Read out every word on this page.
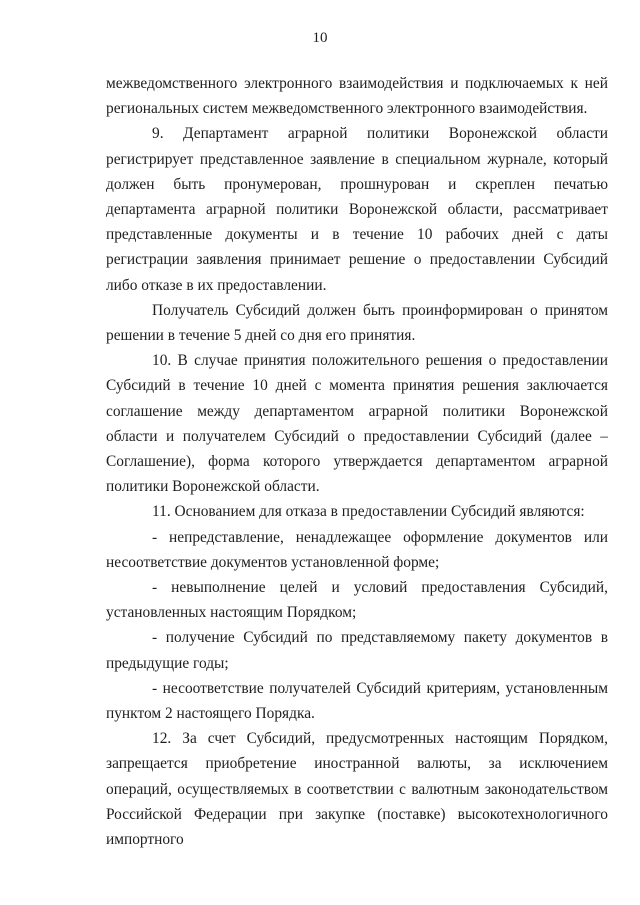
10

межведомственного электронного взаимодействия и подключаемых к ней региональных систем межведомственного электронного взаимодействия.

9. Департамент аграрной политики Воронежской области регистрирует представленное заявление в специальном журнале, который должен быть пронумерован, прошнурован и скреплен печатью департамента аграрной политики Воронежской области, рассматривает представленные документы и в течение 10 рабочих дней с даты регистрации заявления принимает решение о предоставлении Субсидий либо отказе в их предоставлении.

Получатель Субсидий должен быть проинформирован о принятом решении в течение 5 дней со дня его принятия.

10. В случае принятия положительного решения о предоставлении Субсидий в течение 10 дней с момента принятия решения заключается соглашение между департаментом аграрной политики Воронежской области и получателем Субсидий о предоставлении Субсидий (далее – Соглашение), форма которого утверждается департаментом аграрной политики Воронежской области.

11. Основанием для отказа в предоставлении Субсидий являются:

- непредставление, ненадлежащее оформление документов или несоответствие документов установленной форме;

- невыполнение целей и условий предоставления Субсидий, установленных настоящим Порядком;

- получение Субсидий по представляемому пакету документов в предыдущие годы;

- несоответствие получателей Субсидий критериям, установленным пунктом 2 настоящего Порядка.

12. За счет Субсидий, предусмотренных настоящим Порядком, запрещается приобретение иностранной валюты, за исключением операций, осуществляемых в соответствии с валютным законодательством Российской Федерации при закупке (поставке) высокотехнологичного импортного
